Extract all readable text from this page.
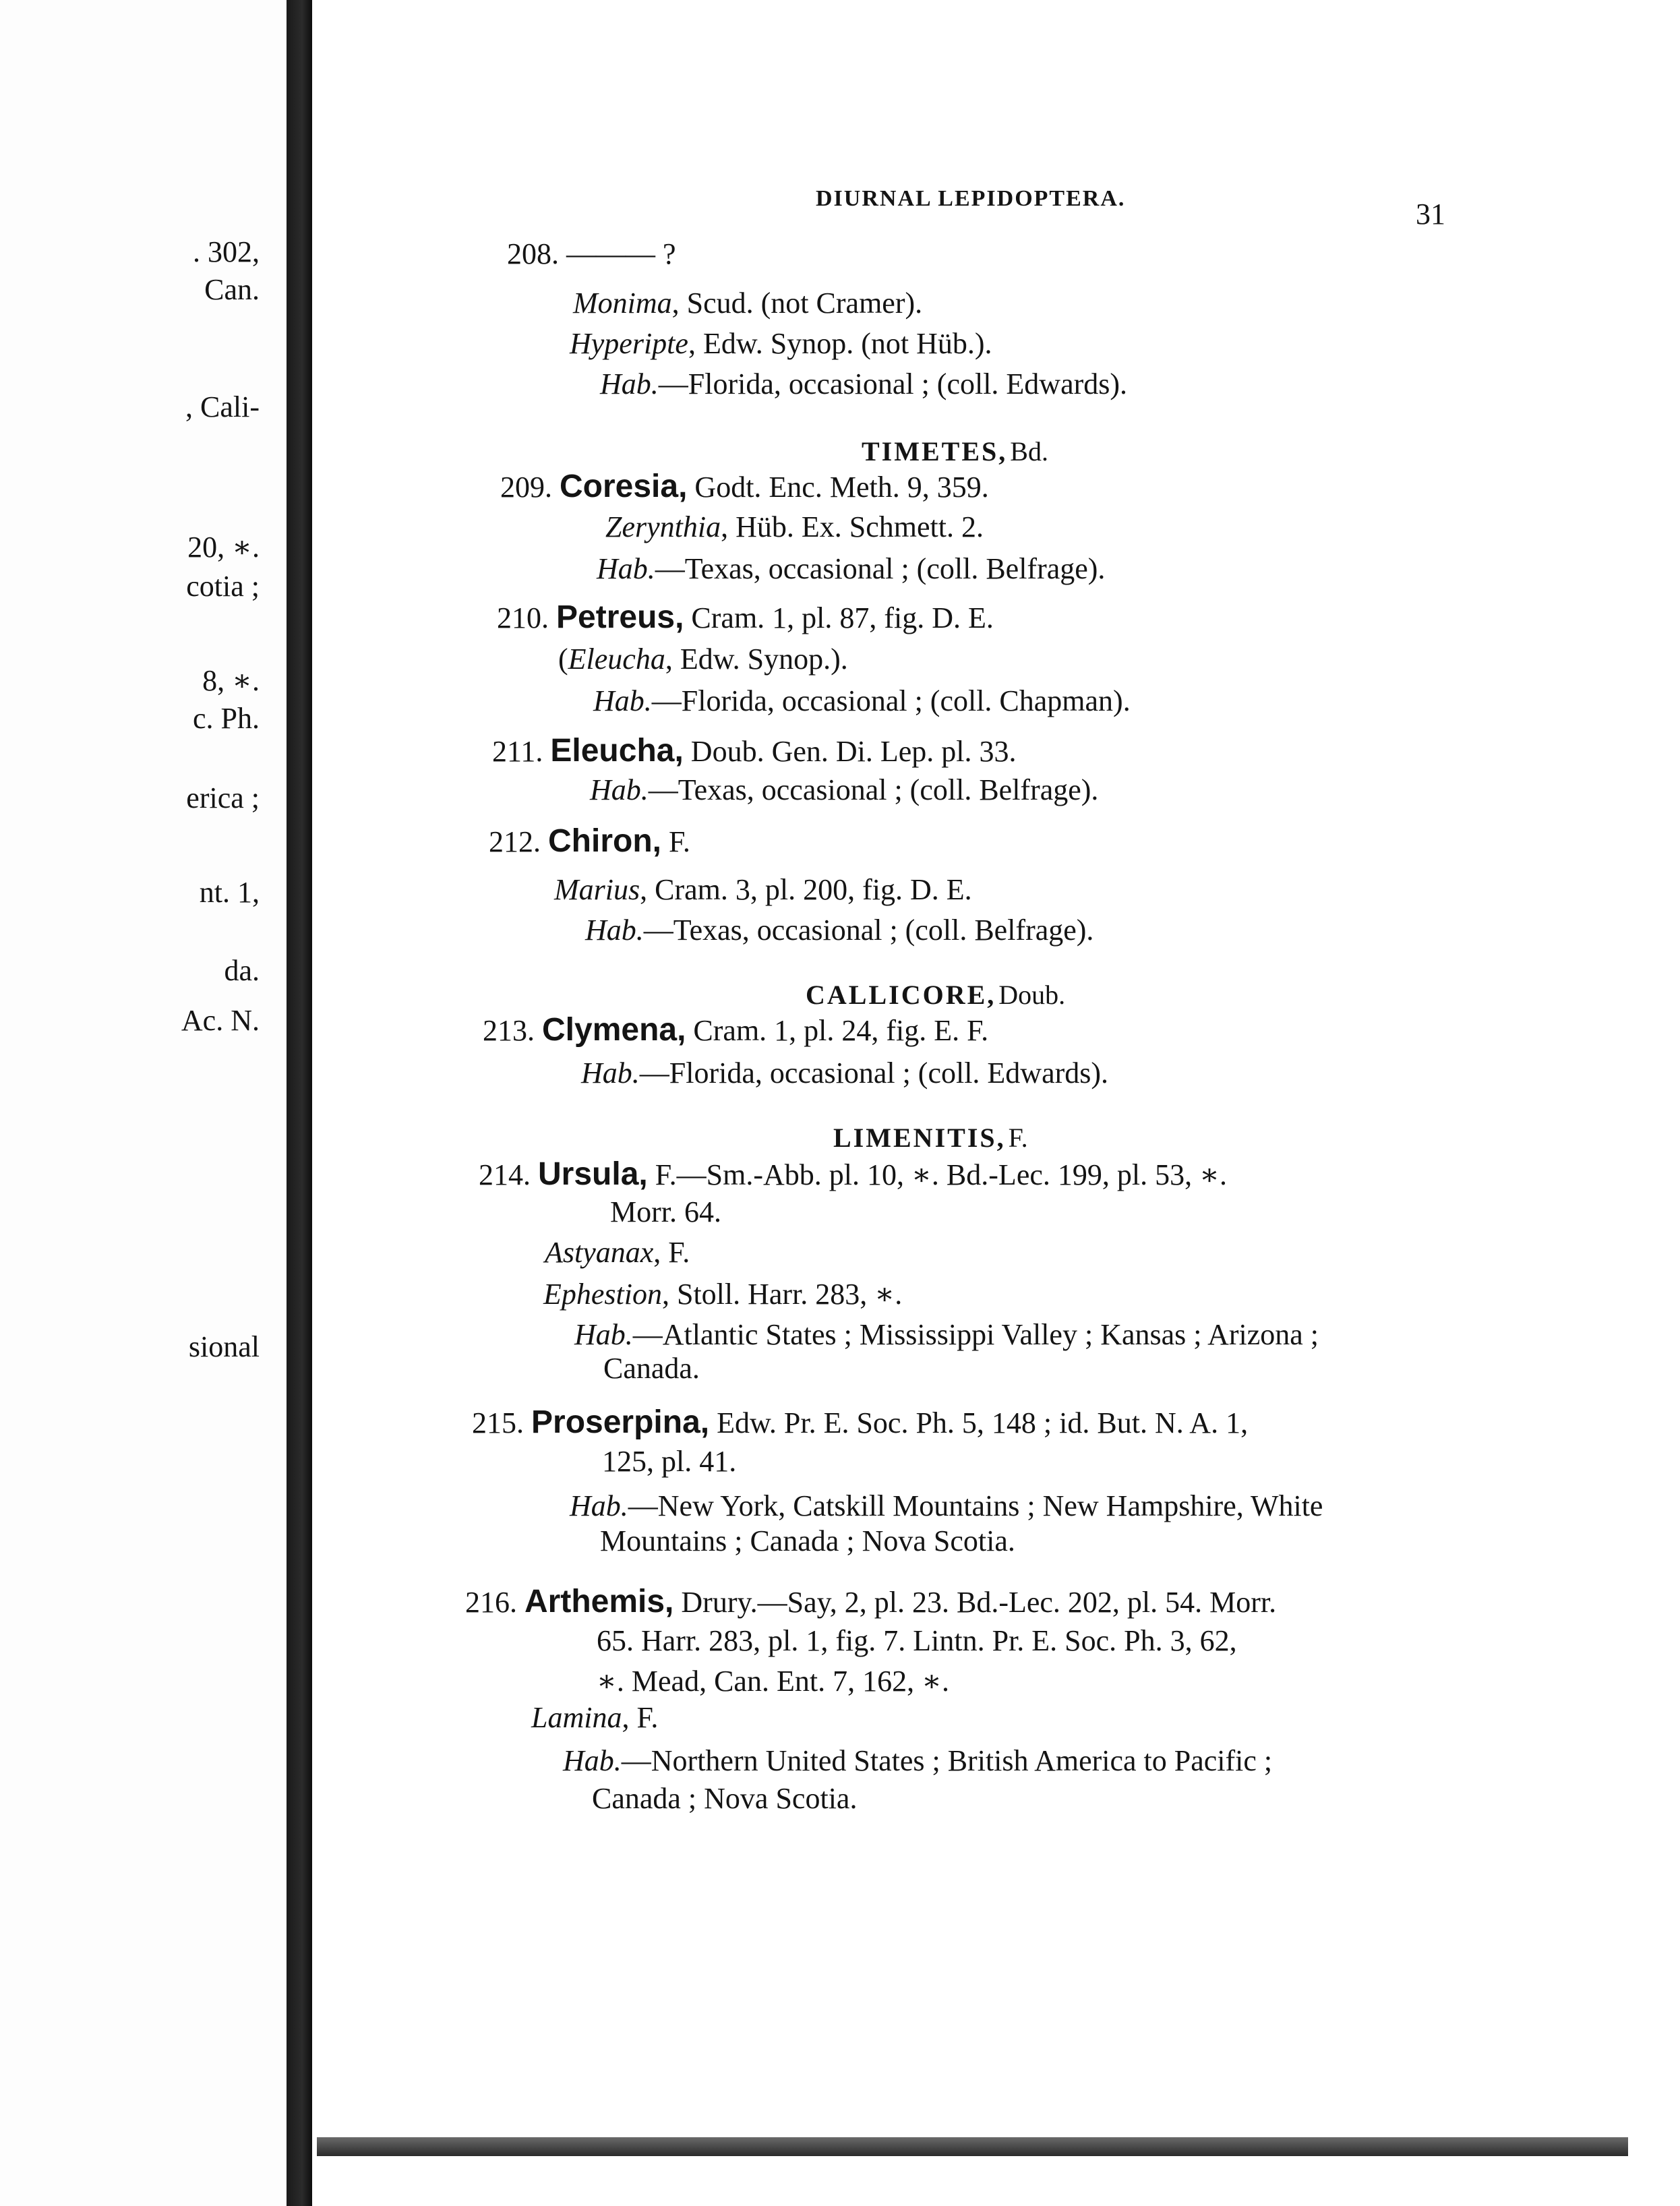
. 302,
Can.
, Cali-
20, ∗.
cotia ;
8, ∗.
c. Ph.
erica ;
nt. 1,
da.
Ac. N.
sional
DIURNAL LEPIDOPTERA.	31
208. ——— ?
Monima, Scud. (not Cramer).
Hyperipte, Edw. Synop. (not Hüb.).
Hab.—Florida, occasional ; (coll. Edwards).
TIMETES, Bd.
209. Coresia, Godt. Enc. Meth. 9, 359.
Zerynthia, Hüb. Ex. Schmett. 2.
Hab.—Texas, occasional ; (coll. Belfrage).
210. Petreus, Cram. 1, pl. 87, fig. D. E.
(Eleucha, Edw. Synop.).
Hab.—Florida, occasional ; (coll. Chapman).
211. Eleucha, Doub. Gen. Di. Lep. pl. 33.
Hab.—Texas, occasional ; (coll. Belfrage).
212. Chiron, F.
Marius, Cram. 3, pl. 200, fig. D. E.
Hab.—Texas, occasional ; (coll. Belfrage).
CALLICORE, Doub.
213. Clymena, Cram. 1, pl. 24, fig. E. F.
Hab.—Florida, occasional ; (coll. Edwards).
LIMENITIS, F.
214. Ursula, F.—Sm.-Abb. pl. 10, ∗. Bd.-Lec. 199, pl. 53, ∗.
Morr. 64.
Astyanax, F.
Ephestion, Stoll. Harr. 283, ∗.
Hab.—Atlantic States ; Mississippi Valley ; Kansas ; Arizona ;
Canada.
215. Proserpina, Edw. Pr. E. Soc. Ph. 5, 148 ; id. But. N. A. 1,
125, pl. 41.
Hab.—New York, Catskill Mountains ; New Hampshire, White
Mountains ; Canada ; Nova Scotia.
216. Arthemis, Drury.—Say, 2, pl. 23. Bd.-Lec. 202, pl. 54. Morr.
65. Harr. 283, pl. 1, fig. 7. Lintn. Pr. E. Soc. Ph. 3, 62,
∗. Mead, Can. Ent. 7, 162, ∗.
Lamina, F.
Hab.—Northern United States ; British America to Pacific ;
Canada ; Nova Scotia.
